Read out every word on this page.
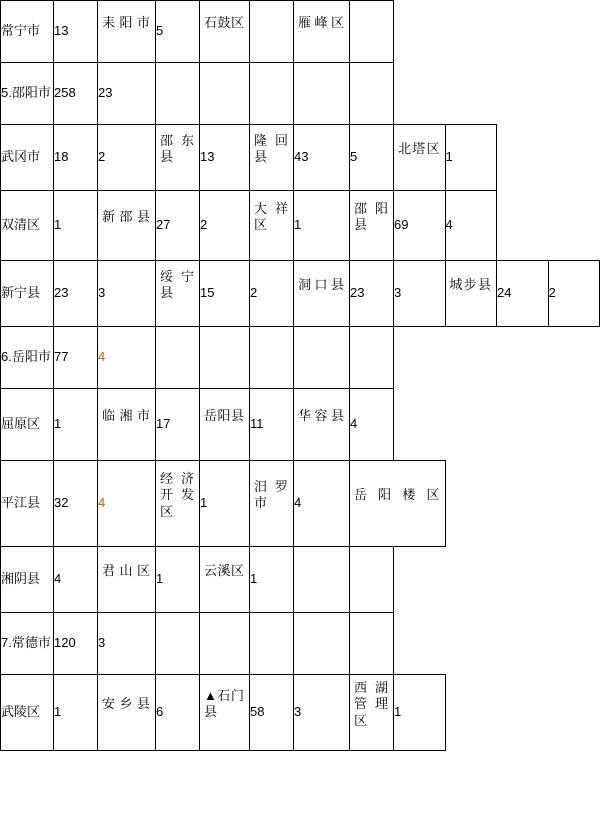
常宁市	13	耒阳市	5	石鼓区		雁峰区					

5.邵阳市	258	23									

武冈市	18	2	邵东县	13	隆回县	43	5	北塔区	1		

双清区	1	新邵县	27	2	大祥区	1	邵阳县	69	4		

新宁县	23	3	绥宁县	15	2	洞口县	23	3	城步县	24	2

6.岳阳市	77	4									

屈原区	1	临湘市	17	岳阳县	11	华容县	4				

平江县	32	4	经济开发区	1	汨罗市	4	岳阳楼区				

湘阴县	4	君山区	1	云溪区	1						

7.常德市	120	3									

武陵区	1	安乡县	6	▲石门县	58	3	西湖管理区	1			
